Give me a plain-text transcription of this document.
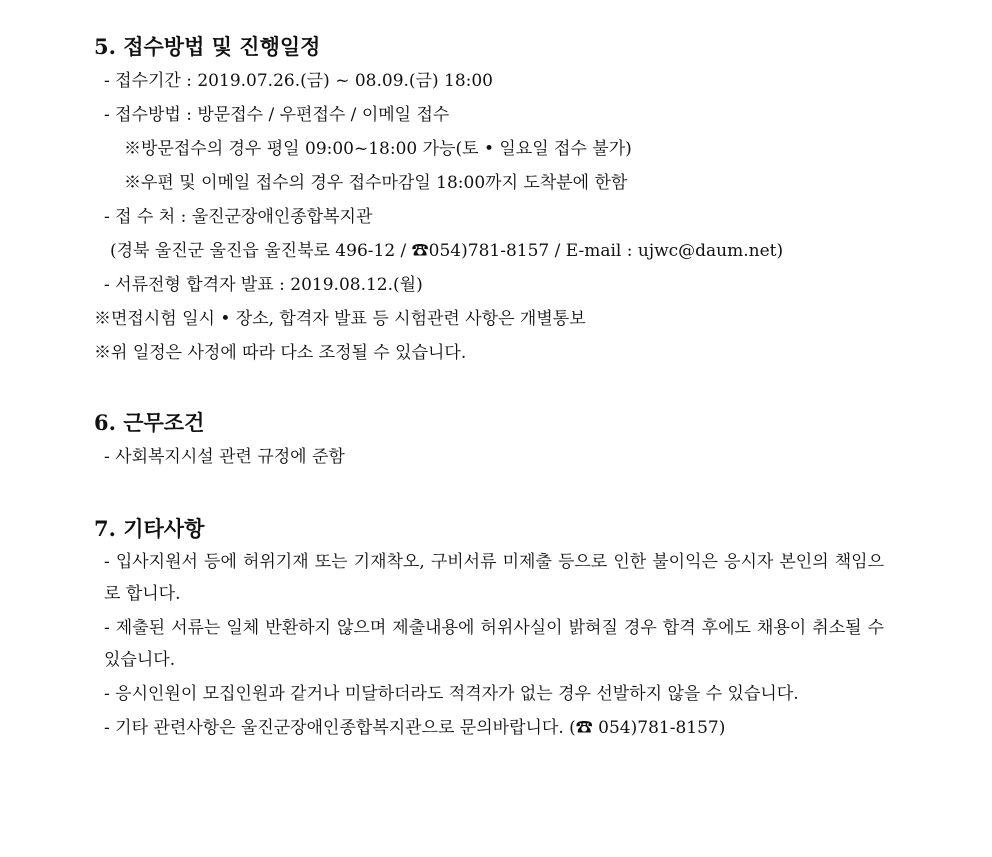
5. 접수방법 및 진행일정
- 접수기간 : 2019.07.26.(금) ~ 08.09.(금) 18:00
- 접수방법 : 방문접수 / 우편접수 / 이메일 접수
※방문접수의 경우 평일 09:00~18:00 가능(토 • 일요일 접수 불가)
※우편 및 이메일 접수의 경우 접수마감일 18:00까지 도착분에 한함
- 접 수 처 : 울진군장애인종합복지관
(경북 울진군 울진읍 울진북로 496-12 / ☎054)781-8157 / E-mail : ujwc@daum.net)
- 서류전형 합격자 발표 : 2019.08.12.(월)
※면접시험 일시 • 장소, 합격자 발표 등 시험관련 사항은 개별통보
※위 일정은 사정에 따라 다소 조정될 수 있습니다.
6. 근무조건
- 사회복지시설 관련 규정에 준함
7. 기타사항

- 입사지원서 등에 허위기재 또는 기재착오, 구비서류 미제출 등으로 인한 불이익은 응시자 본인의 책임으로 합니다.

- 제출된 서류는 일체 반환하지 않으며 제출내용에 허위사실이 밝혀질 경우 합격 후에도 채용이 취소될 수 있습니다.

- 응시인원이 모집인원과 같거나 미달하더라도 적격자가 없는 경우 선발하지 않을 수 있습니다.

- 기타 관련사항은 울진군장애인종합복지관으로 문의바랍니다. (☎ 054)781-8157)
